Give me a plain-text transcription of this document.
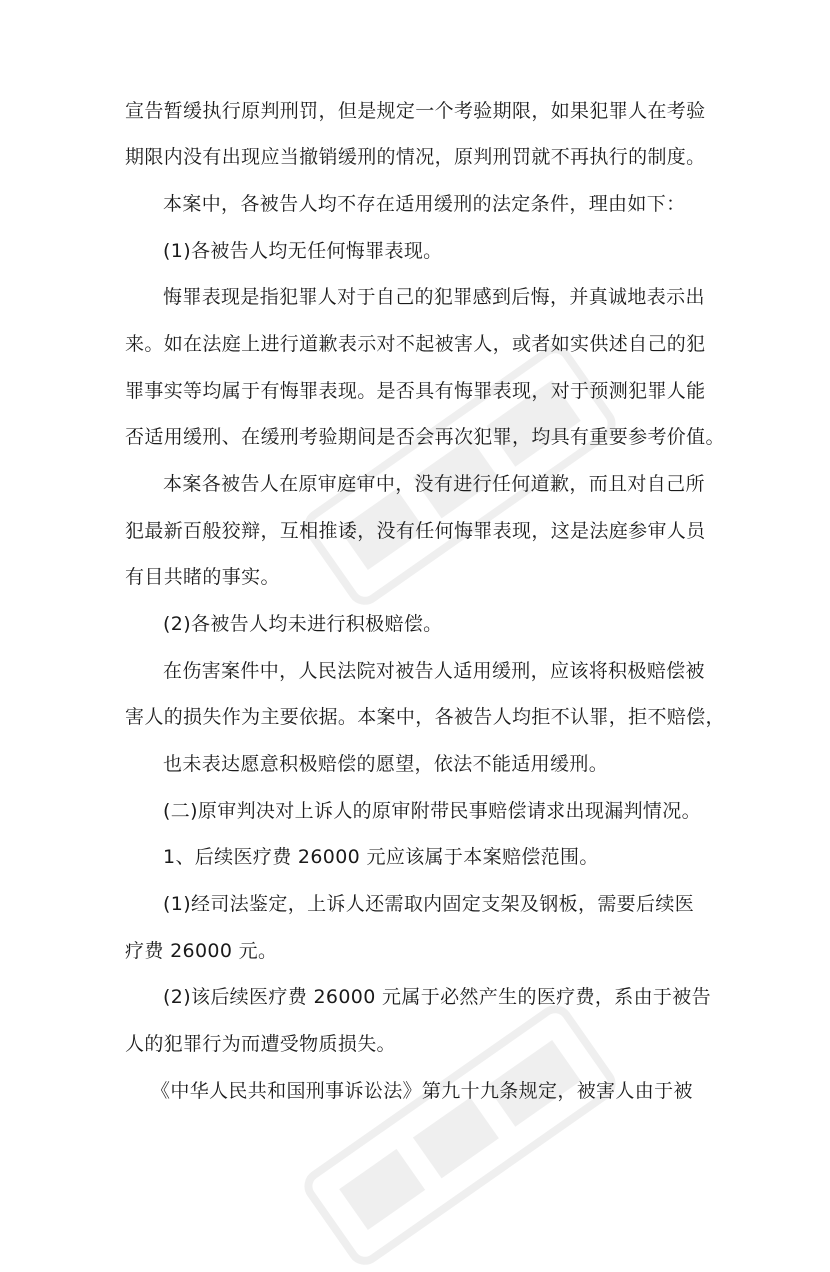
宣告暂缓执行原判刑罚，但是规定一个考验期限，如果犯罪人在考验
期限内没有出现应当撤销缓刑的情况，原判刑罚就不再执行的制度。
本案中，各被告人均不存在适用缓刑的法定条件，理由如下：
(1)各被告人均无任何悔罪表现。
悔罪表现是指犯罪人对于自己的犯罪感到后悔，并真诚地表示出
来。如在法庭上进行道歉表示对不起被害人，或者如实供述自己的犯
罪事实等均属于有悔罪表现。是否具有悔罪表现，对于预测犯罪人能
否适用缓刑、在缓刑考验期间是否会再次犯罪，均具有重要参考价值。
本案各被告人在原审庭审中，没有进行任何道歉，而且对自己所
犯最新百般狡辩，互相推诿，没有任何悔罪表现，这是法庭参审人员
有目共睹的事实。
(2)各被告人均未进行积极赔偿。
在伤害案件中，人民法院对被告人适用缓刑，应该将积极赔偿被
害人的损失作为主要依据。本案中，各被告人均拒不认罪，拒不赔偿，
也未表达愿意积极赔偿的愿望，依法不能适用缓刑。
(二)原审判决对上诉人的原审附带民事赔偿请求出现漏判情况。
1、后续医疗费 26000 元应该属于本案赔偿范围。
(1)经司法鉴定，上诉人还需取内固定支架及钢板，需要后续医
疗费 26000 元。
(2)该后续医疗费 26000 元属于必然产生的医疗费，系由于被告
人的犯罪行为而遭受物质损失。
《中华人民共和国刑事诉讼法》第九十九条规定，被害人由于被
